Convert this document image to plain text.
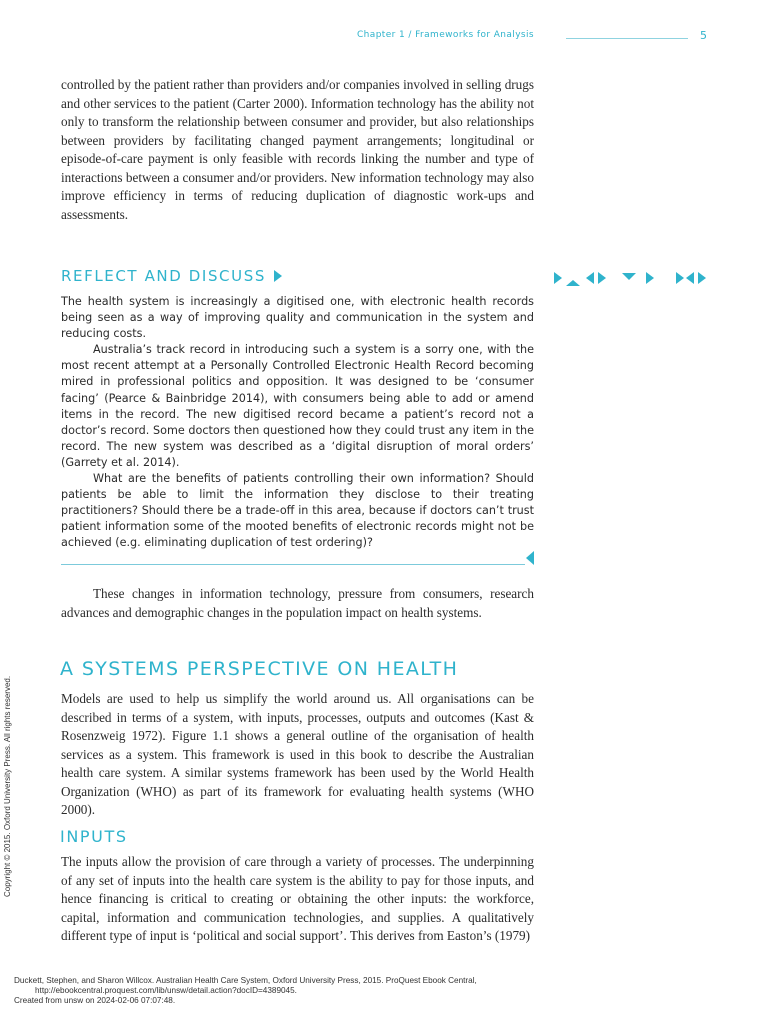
Chapter 1 / Frameworks for Analysis	5

controlled by the patient rather than providers and/or companies involved in selling drugs and other services to the patient (Carter 2000). Information technology has the ability not only to transform the relationship between consumer and provider, but also relationships between providers by facilitating changed payment arrangements; longitudinal or episode-of-care payment is only feasible with records linking the number and type of interactions between a consumer and/or providers. New information technology may also improve efficiency in terms of reducing duplication of diagnostic work-ups and assessments.

REFLECT AND DISCUSS

The health system is increasingly a digitised one, with electronic health records being seen as a way of improving quality and communication in the system and reducing costs.

Australia’s track record in introducing such a system is a sorry one, with the most recent attempt at a Personally Controlled Electronic Health Record becoming mired in professional politics and opposition. It was designed to be ‘consumer facing’ (Pearce & Bainbridge 2014), with consumers being able to add or amend items in the record. The new digitised record became a patient’s record not a doctor’s record. Some doctors then questioned how they could trust any item in the record. The new system was described as a ‘digital disruption of moral orders’ (Garrety et al. 2014).

What are the benefits of patients controlling their own information? Should patients be able to limit the information they disclose to their treating practitioners? Should there be a trade-off in this area, because if doctors can’t trust patient information some of the mooted benefits of electronic records might not be achieved (e.g. eliminating duplication of test ordering)?

These changes in information technology, pressure from consumers, research advances and demographic changes in the population impact on health systems.

A SYSTEMS PERSPECTIVE ON HEALTH

Models are used to help us simplify the world around us. All organisations can be described in terms of a system, with inputs, processes, outputs and outcomes (Kast & Rosenzweig 1972). Figure 1.1 shows a general outline of the organisation of health services as a system. This framework is used in this book to describe the Australian health care system. A similar systems framework has been used by the World Health Organization (WHO) as part of its framework for evaluating health systems (WHO 2000).

INPUTS

The inputs allow the provision of care through a variety of processes. The underpinning of any set of inputs into the health care system is the ability to pay for those inputs, and hence financing is critical to creating or obtaining the other inputs: the workforce, capital, information and communication technologies, and supplies. A qualitatively different type of input is ‘political and social support’. This derives from Easton’s (1979)

Copyright © 2015. Oxford University Press. All rights reserved.
Duckett, Stephen, and Sharon Willcox. Australian Health Care System, Oxford University Press, 2015. ProQuest Ebook Central,
http://ebookcentral.proquest.com/lib/unsw/detail.action?docID=4389045.
Created from unsw on 2024-02-06 07:07:48.
